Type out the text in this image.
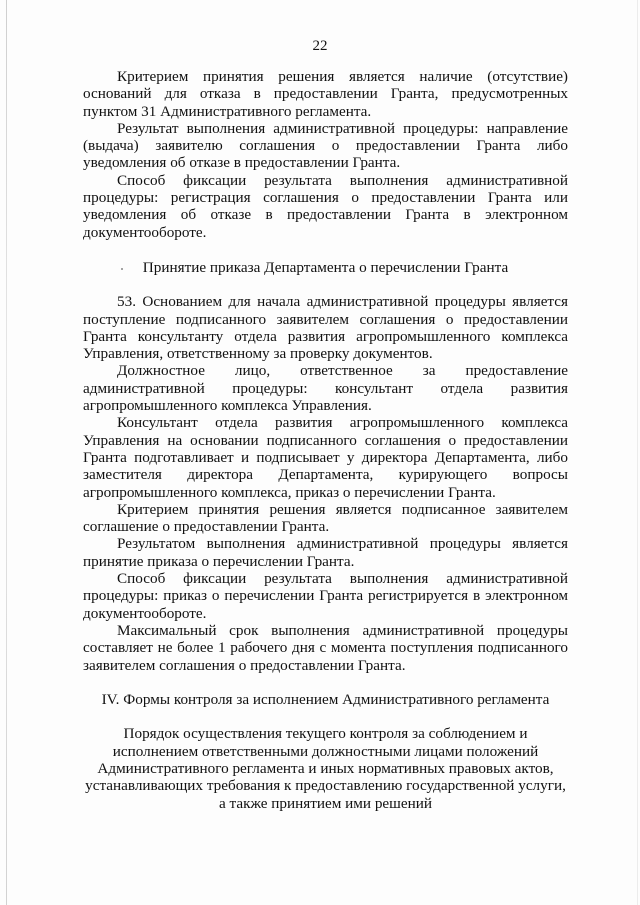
22

Критерием принятия решения является наличие (отсутствие) оснований для отказа в предоставлении Гранта, предусмотренных пунктом 31 Административного регламента.

Результат выполнения административной процедуры: направление (выдача) заявителю соглашения о предоставлении Гранта либо уведомления об отказе в предоставлении Гранта.

Способ фиксации результата выполнения административной процедуры: регистрация соглашения о предоставлении Гранта или уведомления об отказе в предоставлении Гранта в электронном документообороте.

Принятие приказа Департамента о перечислении Гранта

53. Основанием для начала административной процедуры является поступление подписанного заявителем соглашения о предоставлении Гранта консультанту отдела развития агропромышленного комплекса Управления, ответственному за проверку документов.

Должностное лицо, ответственное за предоставление административной процедуры: консультант отдела развития агропромышленного комплекса Управления.

Консультант отдела развития агропромышленного комплекса Управления на основании подписанного соглашения о предоставлении Гранта подготавливает и подписывает у директора Департамента, либо заместителя директора Департамента, курирующего вопросы агропромышленного комплекса, приказ о перечислении Гранта.

Критерием принятия решения является подписанное заявителем соглашение о предоставлении Гранта.

Результатом выполнения административной процедуры является принятие приказа о перечислении Гранта.

Способ фиксации результата выполнения административной процедуры: приказ о перечислении Гранта регистрируется в электронном документообороте.

Максимальный срок выполнения административной процедуры составляет не более 1 рабочего дня с момента поступления подписанного заявителем соглашения о предоставлении Гранта.

IV. Формы контроля за исполнением Административного регламента

Порядок осуществления текущего контроля за соблюдением и

исполнением ответственными должностными лицами положений

Административного регламента и иных нормативных правовых актов,

устанавливающих требования к предоставлению государственной услуги,

а также принятием ими решений
